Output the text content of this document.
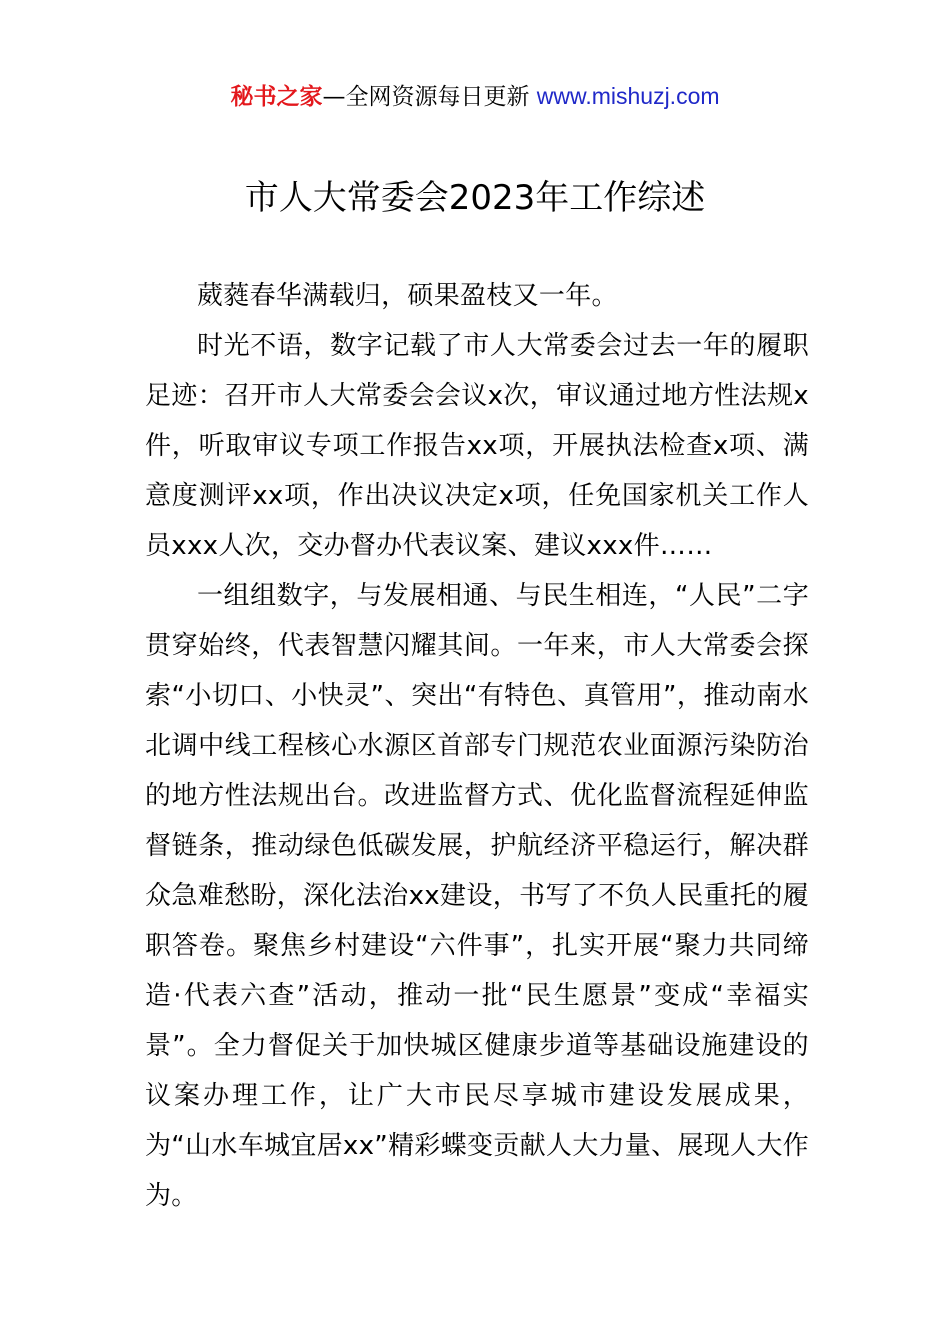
秘书之家—全网资源每日更新 www.mishuzj.com
市人大常委会2023年工作综述

葳蕤春华满载归，硕果盈枝又一年。

时光不语，数字记载了市人大常委会过去一年的履职足迹：召开市人大常委会会议x次，审议通过地方性法规x件，听取审议专项工作报告xx项，开展执法检查x项、满意度测评xx项，作出决议决定x项，任免国家机关工作人员xxx人次，交办督办代表议案、建议xxx件……

一组组数字，与发展相通、与民生相连，“人民”二字贯穿始终，代表智慧闪耀其间。一年来，市人大常委会探索“小切口、小快灵”、突出“有特色、真管用”，推动南水北调中线工程核心水源区首部专门规范农业面源污染防治的地方性法规出台。改进监督方式、优化监督流程延伸监督链条，推动绿色低碳发展，护航经济平稳运行，解决群众急难愁盼，深化法治xx建设，书写了不负人民重托的履职答卷。聚焦乡村建设“六件事”，扎实开展“聚力共同缔造·代表六查”活动，推动一批“民生愿景”变成“幸福实景”。全力督促关于加快城区健康步道等基础设施建设的议案办理工作，让广大市民尽享城市建设发展成果，为“山水车城宜居xx”精彩蝶变贡献人大力量、展现人大作为。
